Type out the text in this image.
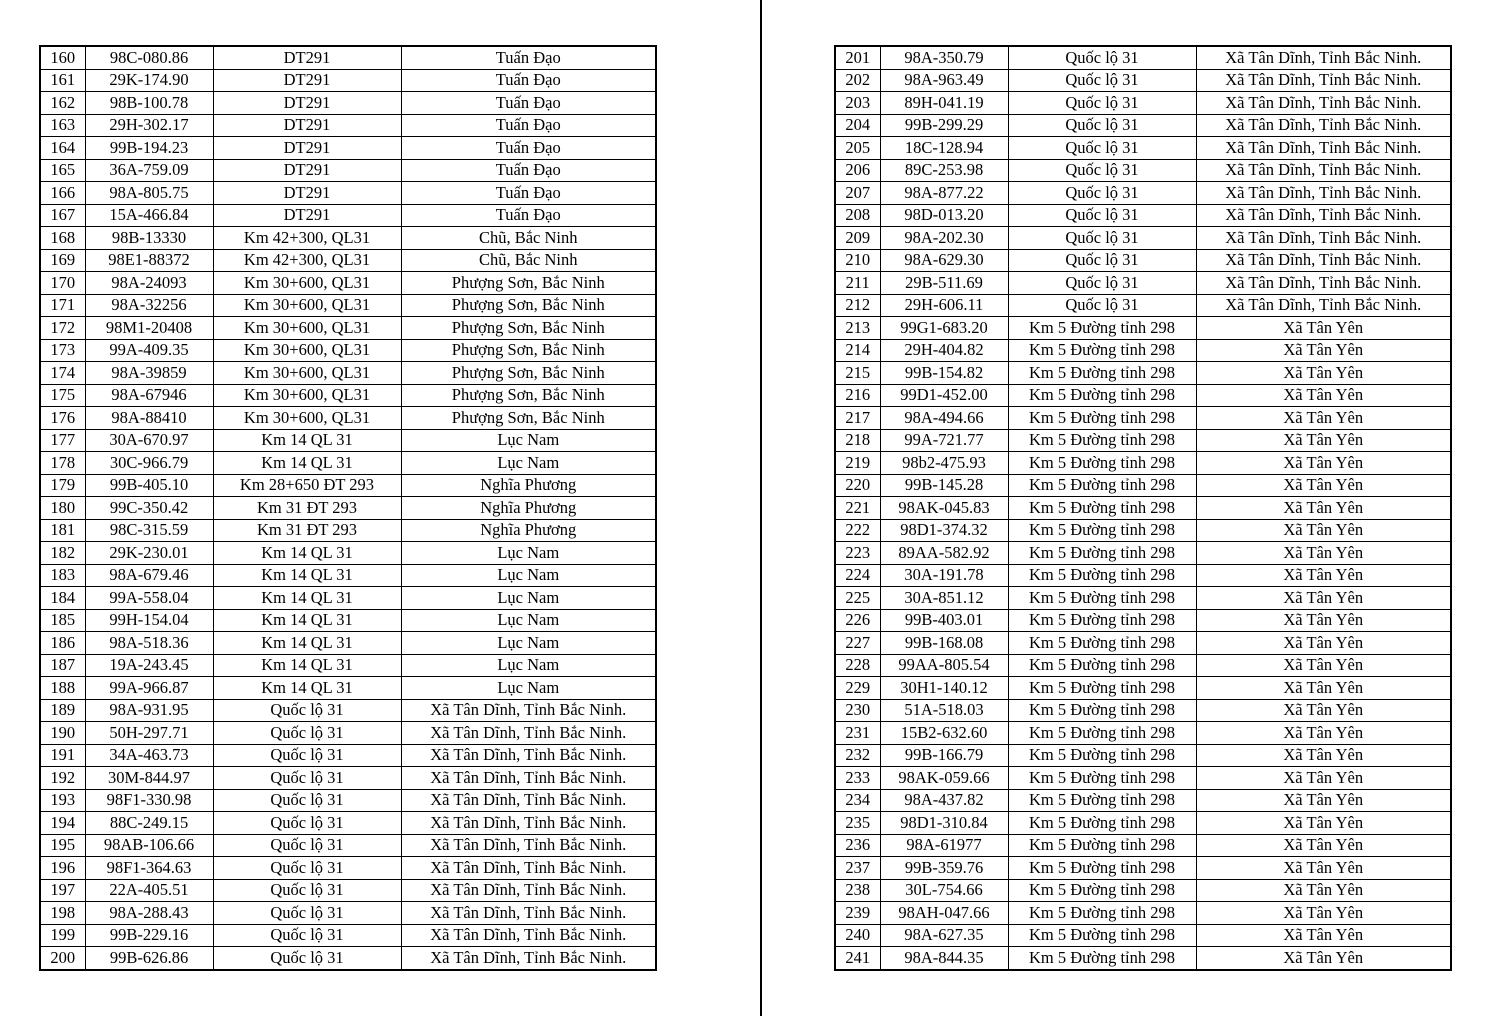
160	98C-080.86	DT291	Tuấn Đạo
161	29K-174.90	DT291	Tuấn Đạo
162	98B-100.78	DT291	Tuấn Đạo
163	29H-302.17	DT291	Tuấn Đạo
164	99B-194.23	DT291	Tuấn Đạo
165	36A-759.09	DT291	Tuấn Đạo
166	98A-805.75	DT291	Tuấn Đạo
167	15A-466.84	DT291	Tuấn Đạo
168	98B-13330	Km 42+300, QL31	Chũ, Bắc Ninh
169	98E1-88372	Km 42+300, QL31	Chũ, Bắc Ninh
170	98A-24093	Km 30+600, QL31	Phượng Sơn, Bắc Ninh
171	98A-32256	Km 30+600, QL31	Phượng Sơn, Bắc Ninh
172	98M1-20408	Km 30+600, QL31	Phượng Sơn, Bắc Ninh
173	99A-409.35	Km 30+600, QL31	Phượng Sơn, Bắc Ninh
174	98A-39859	Km 30+600, QL31	Phượng Sơn, Bắc Ninh
175	98A-67946	Km 30+600, QL31	Phượng Sơn, Bắc Ninh
176	98A-88410	Km 30+600, QL31	Phượng Sơn, Bắc Ninh
177	30A-670.97	Km 14 QL 31	Lục Nam
178	30C-966.79	Km 14 QL 31	Lục Nam
179	99B-405.10	Km 28+650 ĐT 293	Nghĩa Phương
180	99C-350.42	Km 31 ĐT 293	Nghĩa Phương
181	98C-315.59	Km 31 ĐT 293	Nghĩa Phương
182	29K-230.01	Km 14 QL 31	Lục Nam
183	98A-679.46	Km 14 QL 31	Lục Nam
184	99A-558.04	Km 14 QL 31	Lục Nam
185	99H-154.04	Km 14 QL 31	Lục Nam
186	98A-518.36	Km 14 QL 31	Lục Nam
187	19A-243.45	Km 14 QL 31	Lục Nam
188	99A-966.87	Km 14 QL 31	Lục Nam
189	98A-931.95	Quốc lộ 31	Xã Tân Dĩnh, Tỉnh Bắc Ninh.
190	50H-297.71	Quốc lộ 31	Xã Tân Dĩnh, Tỉnh Bắc Ninh.
191	34A-463.73	Quốc lộ 31	Xã Tân Dĩnh, Tỉnh Bắc Ninh.
192	30M-844.97	Quốc lộ 31	Xã Tân Dĩnh, Tỉnh Bắc Ninh.
193	98F1-330.98	Quốc lộ 31	Xã Tân Dĩnh, Tỉnh Bắc Ninh.
194	88C-249.15	Quốc lộ 31	Xã Tân Dĩnh, Tỉnh Bắc Ninh.
195	98AB-106.66	Quốc lộ 31	Xã Tân Dĩnh, Tỉnh Bắc Ninh.
196	98F1-364.63	Quốc lộ 31	Xã Tân Dĩnh, Tỉnh Bắc Ninh.
197	22A-405.51	Quốc lộ 31	Xã Tân Dĩnh, Tỉnh Bắc Ninh.
198	98A-288.43	Quốc lộ 31	Xã Tân Dĩnh, Tỉnh Bắc Ninh.
199	99B-229.16	Quốc lộ 31	Xã Tân Dĩnh, Tỉnh Bắc Ninh.
200	99B-626.86	Quốc lộ 31	Xã Tân Dĩnh, Tỉnh Bắc Ninh.
201	98A-350.79	Quốc lộ 31	Xã Tân Dĩnh, Tỉnh Bắc Ninh.
202	98A-963.49	Quốc lộ 31	Xã Tân Dĩnh, Tỉnh Bắc Ninh.
203	89H-041.19	Quốc lộ 31	Xã Tân Dĩnh, Tỉnh Bắc Ninh.
204	99B-299.29	Quốc lộ 31	Xã Tân Dĩnh, Tỉnh Bắc Ninh.
205	18C-128.94	Quốc lộ 31	Xã Tân Dĩnh, Tỉnh Bắc Ninh.
206	89C-253.98	Quốc lộ 31	Xã Tân Dĩnh, Tỉnh Bắc Ninh.
207	98A-877.22	Quốc lộ 31	Xã Tân Dĩnh, Tỉnh Bắc Ninh.
208	98D-013.20	Quốc lộ 31	Xã Tân Dĩnh, Tỉnh Bắc Ninh.
209	98A-202.30	Quốc lộ 31	Xã Tân Dĩnh, Tỉnh Bắc Ninh.
210	98A-629.30	Quốc lộ 31	Xã Tân Dĩnh, Tỉnh Bắc Ninh.
211	29B-511.69	Quốc lộ 31	Xã Tân Dĩnh, Tỉnh Bắc Ninh.
212	29H-606.11	Quốc lộ 31	Xã Tân Dĩnh, Tỉnh Bắc Ninh.
213	99G1-683.20	Km 5 Đường tỉnh 298	Xã Tân Yên
214	29H-404.82	Km 5 Đường tỉnh 298	Xã Tân Yên
215	99B-154.82	Km 5 Đường tỉnh 298	Xã Tân Yên
216	99D1-452.00	Km 5 Đường tỉnh 298	Xã Tân Yên
217	98A-494.66	Km 5 Đường tỉnh 298	Xã Tân Yên
218	99A-721.77	Km 5 Đường tỉnh 298	Xã Tân Yên
219	98b2-475.93	Km 5 Đường tỉnh 298	Xã Tân Yên
220	99B-145.28	Km 5 Đường tỉnh 298	Xã Tân Yên
221	98AK-045.83	Km 5 Đường tỉnh 298	Xã Tân Yên
222	98D1-374.32	Km 5 Đường tỉnh 298	Xã Tân Yên
223	89AA-582.92	Km 5 Đường tỉnh 298	Xã Tân Yên
224	30A-191.78	Km 5 Đường tỉnh 298	Xã Tân Yên
225	30A-851.12	Km 5 Đường tỉnh 298	Xã Tân Yên
226	99B-403.01	Km 5 Đường tỉnh 298	Xã Tân Yên
227	99B-168.08	Km 5 Đường tỉnh 298	Xã Tân Yên
228	99AA-805.54	Km 5 Đường tỉnh 298	Xã Tân Yên
229	30H1-140.12	Km 5 Đường tỉnh 298	Xã Tân Yên
230	51A-518.03	Km 5 Đường tỉnh 298	Xã Tân Yên
231	15B2-632.60	Km 5 Đường tỉnh 298	Xã Tân Yên
232	99B-166.79	Km 5 Đường tỉnh 298	Xã Tân Yên
233	98AK-059.66	Km 5 Đường tỉnh 298	Xã Tân Yên
234	98A-437.82	Km 5 Đường tỉnh 298	Xã Tân Yên
235	98D1-310.84	Km 5 Đường tỉnh 298	Xã Tân Yên
236	98A-61977	Km 5 Đường tỉnh 298	Xã Tân Yên
237	99B-359.76	Km 5 Đường tỉnh 298	Xã Tân Yên
238	30L-754.66	Km 5 Đường tỉnh 298	Xã Tân Yên
239	98AH-047.66	Km 5 Đường tỉnh 298	Xã Tân Yên
240	98A-627.35	Km 5 Đường tỉnh 298	Xã Tân Yên
241	98A-844.35	Km 5 Đường tỉnh 298	Xã Tân Yên
